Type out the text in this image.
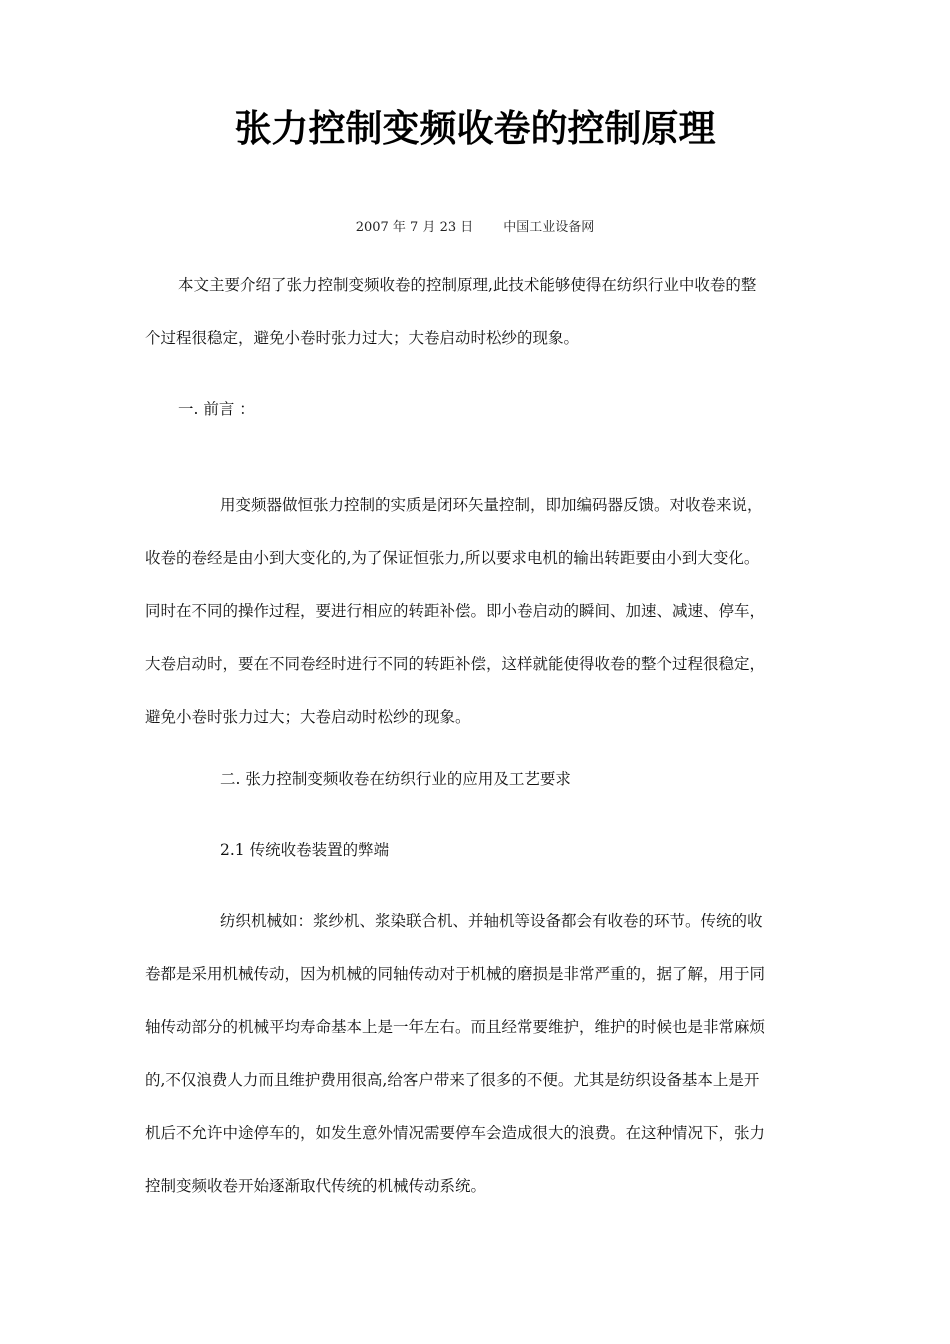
张力控制变频收卷的控制原理
2007 年 7 月 23 日 中国工业设备网
本文主要介绍了张力控制变频收卷的控制原理,此技术能够使得在纺织行业中收卷的整
个过程很稳定，避免小卷时张力过大；大卷启动时松纱的现象。
一. 前言 ：
用变频器做恒张力控制的实质是闭环矢量控制，即加编码器反馈。对收卷来说，
收卷的卷经是由小到大变化的,为了保证恒张力,所以要求电机的输出转距要由小到大变化。
同时在不同的操作过程，要进行相应的转距补偿。即小卷启动的瞬间、加速、减速、停车，
大卷启动时，要在不同卷经时进行不同的转距补偿，这样就能使得收卷的整个过程很稳定，
避免小卷时张力过大；大卷启动时松纱的现象。
二. 张力控制变频收卷在纺织行业的应用及工艺要求
2.1 传统收卷装置的弊端
纺织机械如：浆纱机、浆染联合机、并轴机等设备都会有收卷的环节。传统的收
卷都是采用机械传动，因为机械的同轴传动对于机械的磨损是非常严重的，据了解，用于同
轴传动部分的机械平均寿命基本上是一年左右。而且经常要维护，维护的时候也是非常麻烦
的,不仅浪费人力而且维护费用很高,给客户带来了很多的不便。尤其是纺织设备基本上是开
机后不允许中途停车的，如发生意外情况需要停车会造成很大的浪费。在这种情况下，张力
控制变频收卷开始逐渐取代传统的机械传动系统。
